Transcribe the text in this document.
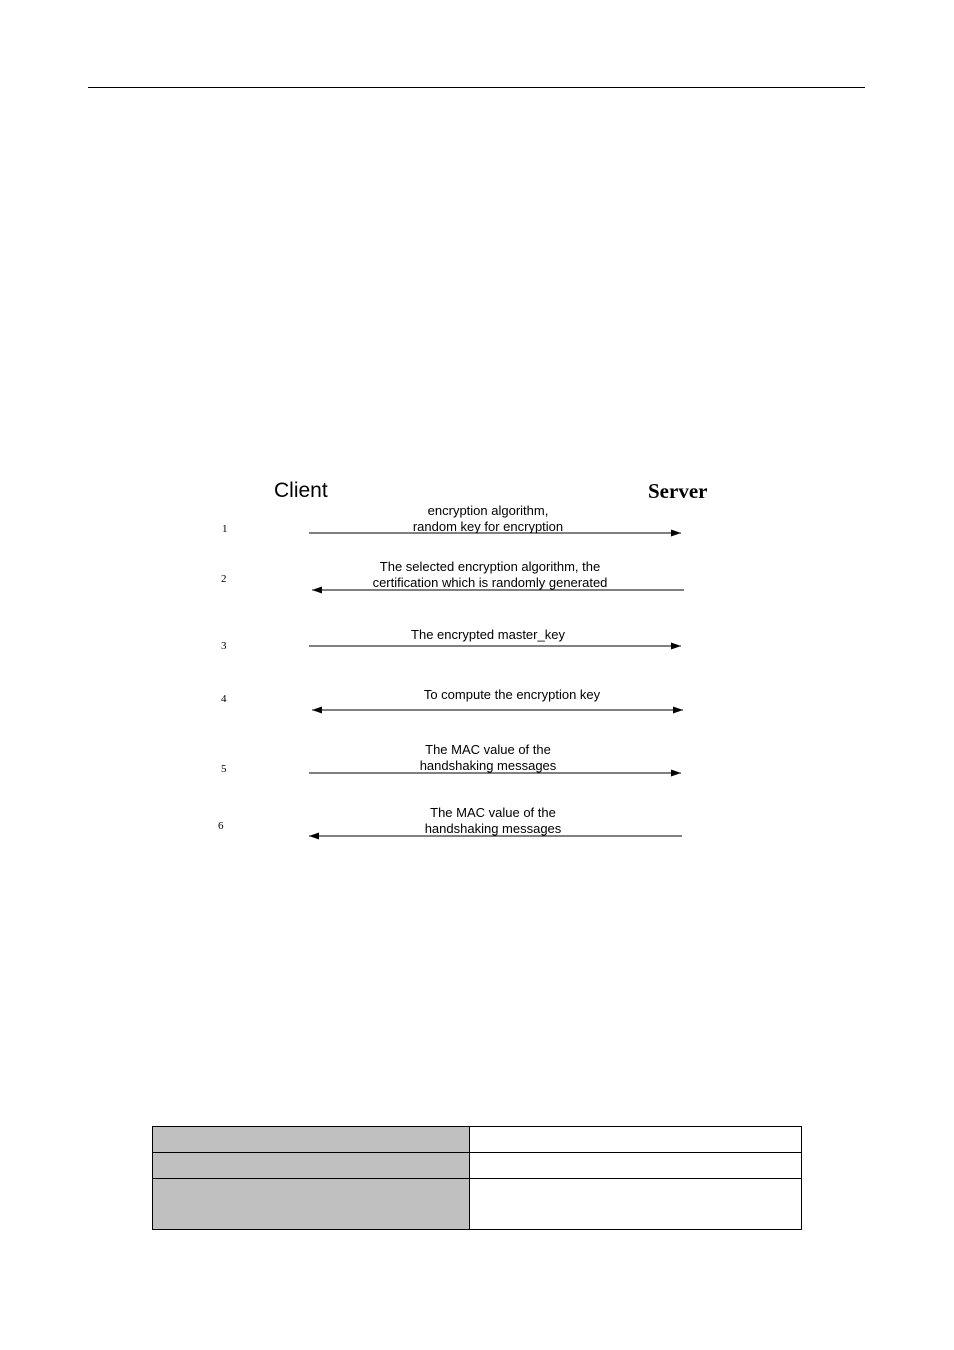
Client	Server
1
encryption algorithm,
random key for encryption
2
The selected encryption algorithm, the
certification which is randomly generated
3
The encrypted master_key
4	To compute the encryption key
5
The MAC value of the
handshaking messages
6
The MAC value of the
handshaking messages
